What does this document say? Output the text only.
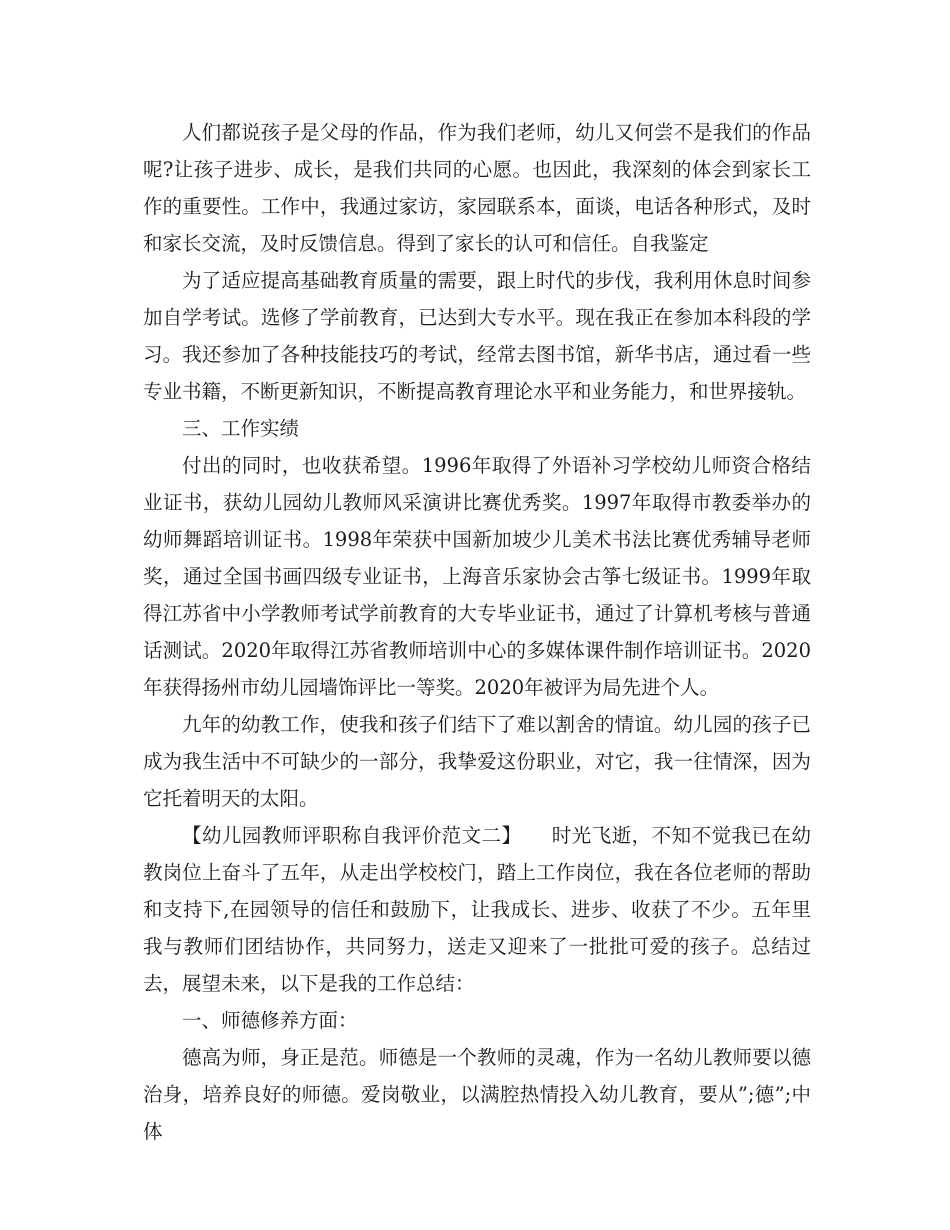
人们都说孩子是父母的作品，作为我们老师，幼儿又何尝不是我们的作品呢?让孩子进步、成长，是我们共同的心愿。也因此，我深刻的体会到家长工作的重要性。工作中，我通过家访，家园联系本，面谈，电话各种形式，及时和家长交流，及时反馈信息。得到了家长的认可和信任。自我鉴定

为了适应提高基础教育质量的需要，跟上时代的步伐，我利用休息时间参加自学考试。选修了学前教育，已达到大专水平。现在我正在参加本科段的学习。我还参加了各种技能技巧的考试，经常去图书馆，新华书店，通过看一些专业书籍，不断更新知识，不断提高教育理论水平和业务能力，和世界接轨。

三、工作实绩

付出的同时，也收获希望。1996年取得了外语补习学校幼儿师资合格结业证书，获幼儿园幼儿教师风采演讲比赛优秀奖。1997年取得市教委举办的幼师舞蹈培训证书。1998年荣获中国新加坡少儿美术书法比赛优秀辅导老师奖，通过全国书画四级专业证书，上海音乐家协会古筝七级证书。1999年取得江苏省中小学教师考试学前教育的大专毕业证书，通过了计算机考核与普通话测试。2020年取得江苏省教师培训中心的多媒体课件制作培训证书。2020年获得扬州市幼儿园墙饰评比一等奖。2020年被评为局先进个人。

九年的幼教工作，使我和孩子们结下了难以割舍的情谊。幼儿园的孩子已成为我生活中不可缺少的一部分，我挚爱这份职业，对它，我一往情深，因为它托着明天的太阳。

【幼儿园教师评职称自我评价范文二】　　时光飞逝，不知不觉我已在幼教岗位上奋斗了五年，从走出学校校门，踏上工作岗位，我在各位老师的帮助和支持下,在园领导的信任和鼓励下，让我成长、进步、收获了不少。五年里我与教师们团结协作，共同努力，送走又迎来了一批批可爱的孩子。总结过去，展望未来，以下是我的工作总结：

一、师德修养方面：

德高为师，身正是范。师德是一个教师的灵魂，作为一名幼儿教师要以德治身，培养良好的师德。爱岗敬业，以满腔热情投入幼儿教育，要从”;德”;中体
